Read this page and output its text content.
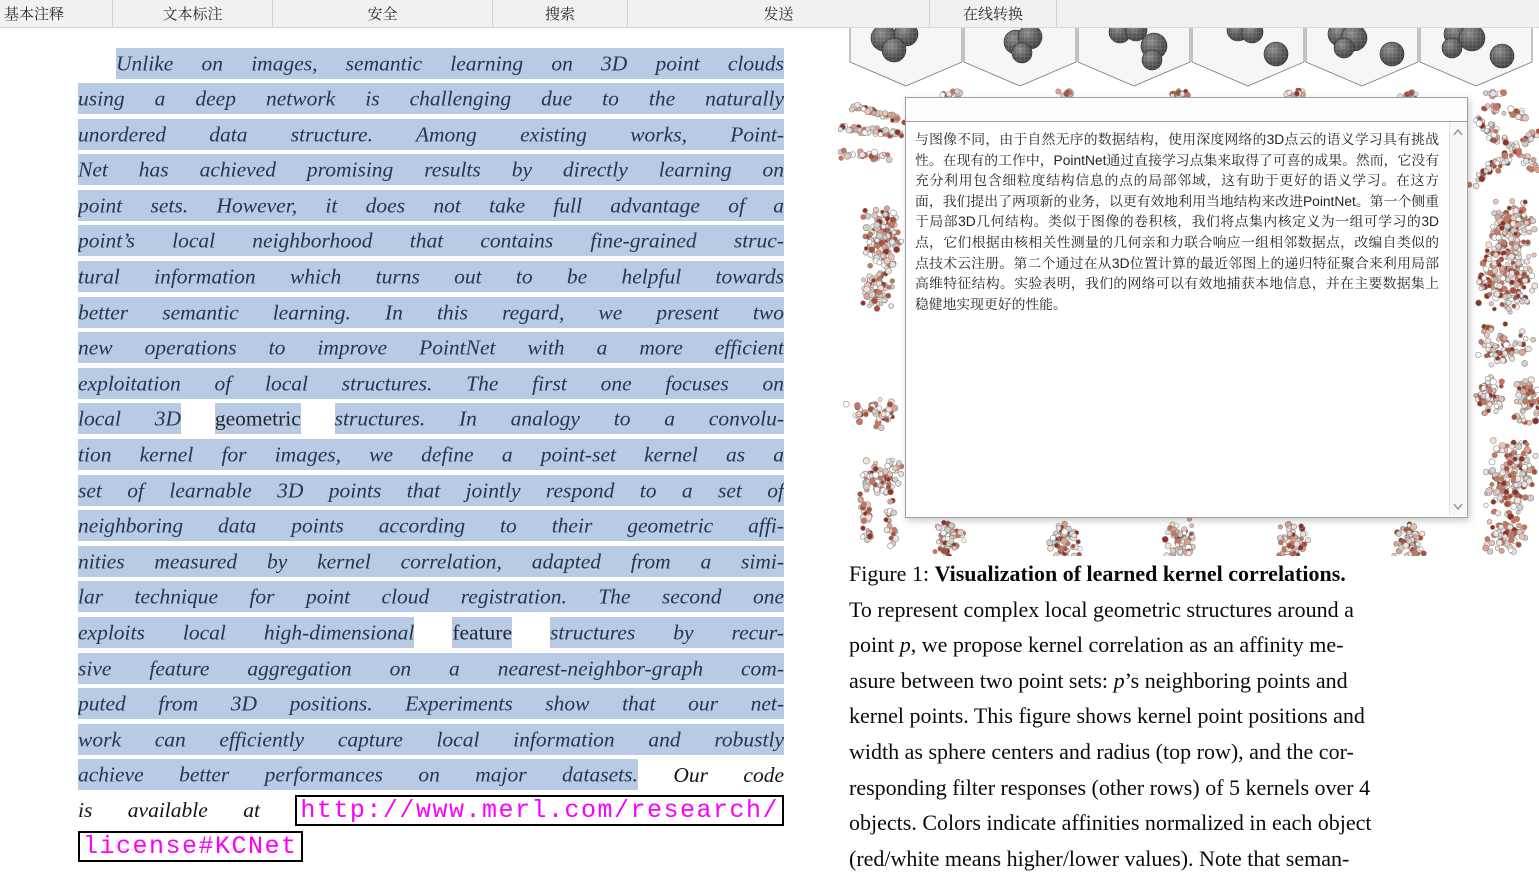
基本注释	文本标注	安全	搜索	发送	在线转换
Unlike on images, semantic learning on 3D point clouds
using a deep network is challenging due to the naturally
unordered data structure. Among existing works, Point-
Net has achieved promising results by directly learning on
point sets. However, it does not take full advantage of a
point’s local neighborhood that contains fine-grained struc-
tural information which turns out to be helpful towards
better semantic learning. In this regard, we present two
new operations to improve PointNet with a more efficient
exploitation of local structures. The first one focuses on
local 3D geometric structures. In analogy to a convolu-
tion kernel for images, we define a point-set kernel as a
set of learnable 3D points that jointly respond to a set of
neighboring data points according to their geometric affi-
nities measured by kernel correlation, adapted from a simi-
lar technique for point cloud registration. The second one
exploits local high-dimensional feature structures by recur-
sive feature aggregation on a nearest-neighbor-graph com-
puted from 3D positions. Experiments show that our net-
work can efficiently capture local information and robustly
achieve better performances on major datasets. Our code
is available at http://www.merl.com/research/
license#KCNet
与图像不同，由于自然无序的数据结构，使用深度网络的3D点云的语义学习具有挑战性。在现有的工作中，PointNet通过直接学习点集来取得了可喜的成果。然而，它没有充分利用包含细粒度结构信息的点的局部邻域，这有助于更好的语义学习。在这方面，我们提出了两项新的业务，以更有效地利用当地结构来改进PointNet。第一个侧重于局部3D几何结构。类似于图像的卷积核，我们将点集内核定义为一组可学习的3D点，它们根据由核相关性测量的几何亲和力联合响应一组相邻数据点，改编自类似的点技术云注册。第二个通过在从3D位置计算的最近邻图上的递归特征聚合来利用局部高维特征结构。实验表明，我们的网络可以有效地捕获本地信息，并在主要数据集上稳健地实现更好的性能。
Figure 1: Visualization of learned kernel correlations.
To represent complex local geometric structures around a
point p, we propose kernel correlation as an affinity me-
asure between two point sets: p’s neighboring points and
kernel points. This figure shows kernel point positions and
width as sphere centers and radius (top row), and the cor-
responding filter responses (other rows) of 5 kernels over 4
objects. Colors indicate affinities normalized in each object
(red/white means higher/lower values). Note that seman-
